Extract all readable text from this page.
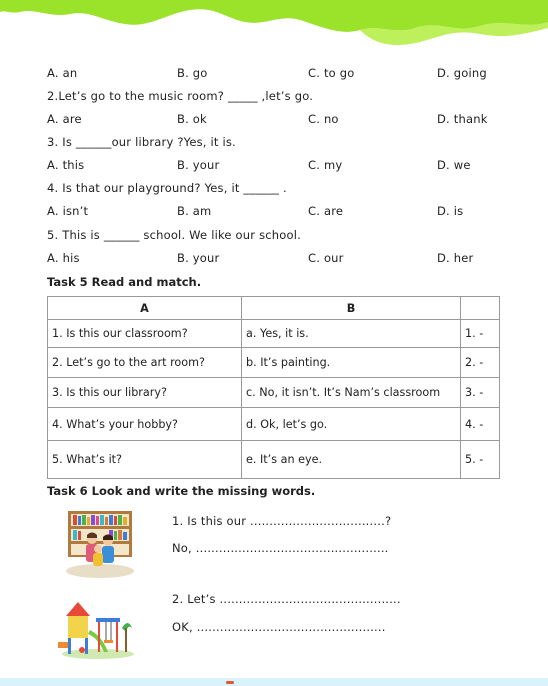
A. an	B. go	C. to go	D. going
2.Let’s go to the music room? _____ ,let’s go.
A. are	B. ok	C. no	D. thank
3. Is ______our library ?Yes, it is.
A. this	B. your	C. my	D. we
4. Is that our playground? Yes, it ______ .
A. isn’t	B. am	C. are	D. is
5. This is ______ school. We like our school.
A. his	B. your	C. our	D. her
Task 5 Read and match.
A	B	
1. Is this our classroom?	a. Yes, it is.	1. -
2. Let’s go to the art room?	b. It’s painting.	2. -
3. Is this our library?	c. No, it isn’t. It’s Nam’s classroom	3. -
4. What’s your hobby?	d. Ok, let’s go.	4. -
5. What’s it?	e. It’s an eye.	5. -
Task 6 Look and write the missing words.
1. Is this our ...................................?
No, ..................................................
2. Let’s ...............................................
OK, .................................................
